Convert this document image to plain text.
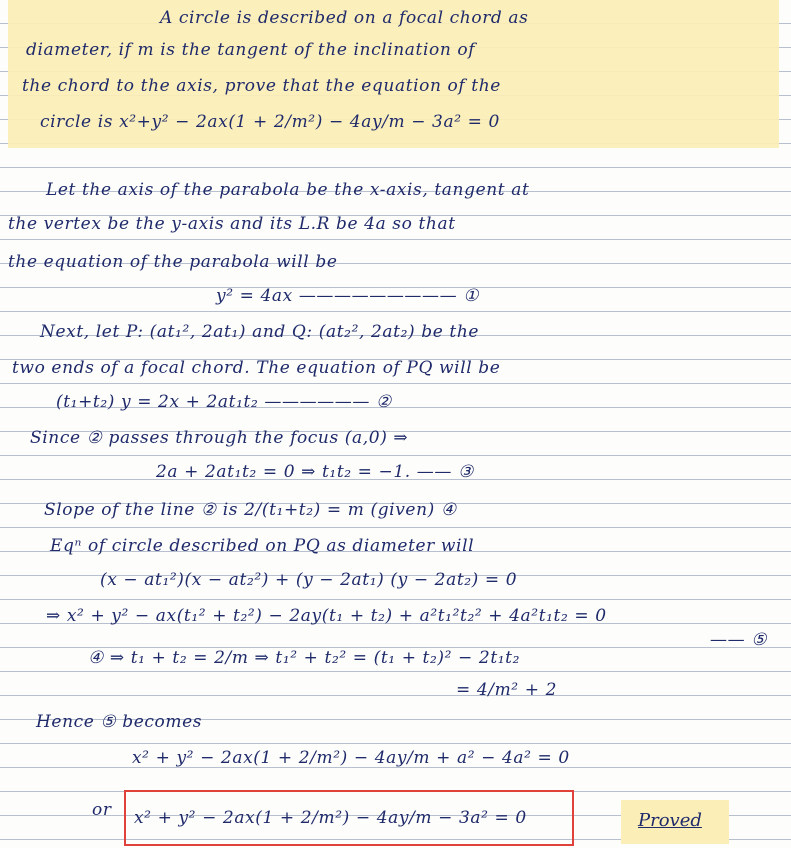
A circle is described on a focal chord as
diameter, if m is the tangent of the inclination of
the chord to the axis, prove that the equation of the
circle is x²+y² − 2ax(1 + 2/m²) − 4ay/m − 3a² = 0
Let the axis of the parabola be the x-axis, tangent at
the vertex be the y-axis and its L.R be 4a so that
the equation of the parabola will be
y² = 4ax ————————— ①
Next, let P: (at₁², 2at₁) and Q: (at₂², 2at₂) be the
two ends of a focal chord. The equation of PQ will be
(t₁+t₂) y = 2x + 2at₁t₂ —————— ②
Since ② passes through the focus (a,0) ⇒
2a + 2at₁t₂ = 0 ⇒ t₁t₂ = −1. —— ③
Slope of the line ② is 2/(t₁+t₂) = m (given) ④
Eqⁿ of circle described on PQ as diameter will
(x − at₁²)(x − at₂²) + (y − 2at₁) (y − 2at₂) = 0
⇒ x² + y² − ax(t₁² + t₂²) − 2ay(t₁ + t₂) + a²t₁²t₂² + 4a²t₁t₂ = 0
—— ⑤
④ ⇒ t₁ + t₂ = 2/m ⇒ t₁² + t₂² = (t₁ + t₂)² − 2t₁t₂
= 4/m² + 2
Hence ⑤ becomes
x² + y² − 2ax(1 + 2/m²) − 4ay/m + a² − 4a² = 0
or x² + y² − 2ax(1 + 2/m²) − 4ay/m − 3a² = 0	Proved
